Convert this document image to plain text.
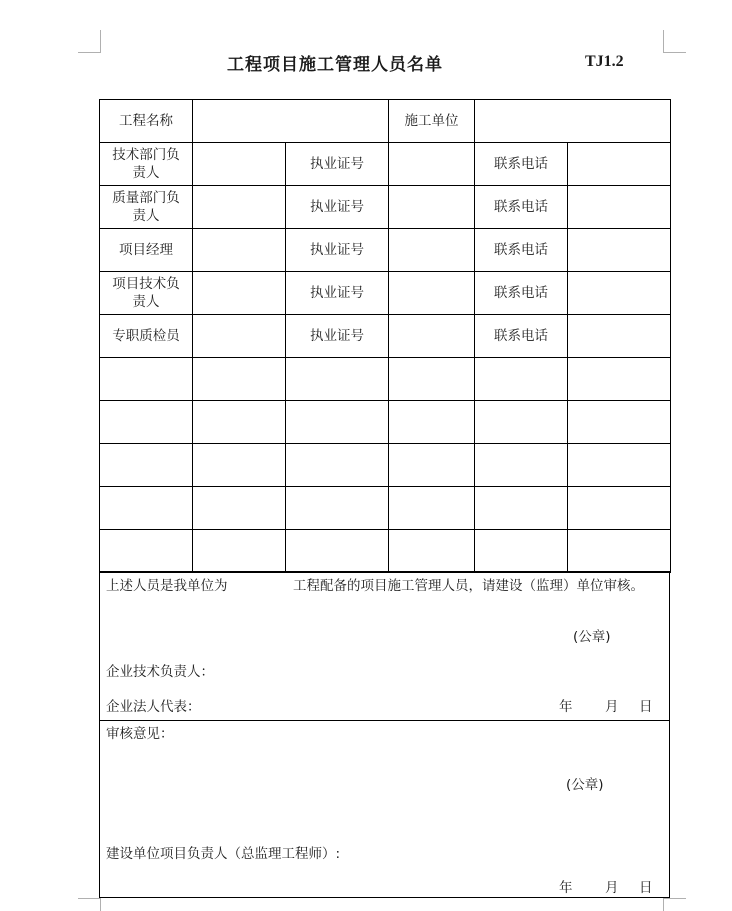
工程项目施工管理人员名单	TJ1.2
工程名称			施工单位		
技术部门负
责人		执业证号		联系电话	
质量部门负
责人		执业证号		联系电话	
项目经理		执业证号		联系电话	
项目技术负
责人		执业证号		联系电话	
专职质检员		执业证号		联系电话	

上述人员是我单位为	工程配备的项目施工管理人员，请建设（监理）单位审核。
(公章)
企业技术负责人：
企业法人代表：	年 月 日
审核意见：
(公章)
建设单位项目负责人（总监理工程师）:
年 月 日
